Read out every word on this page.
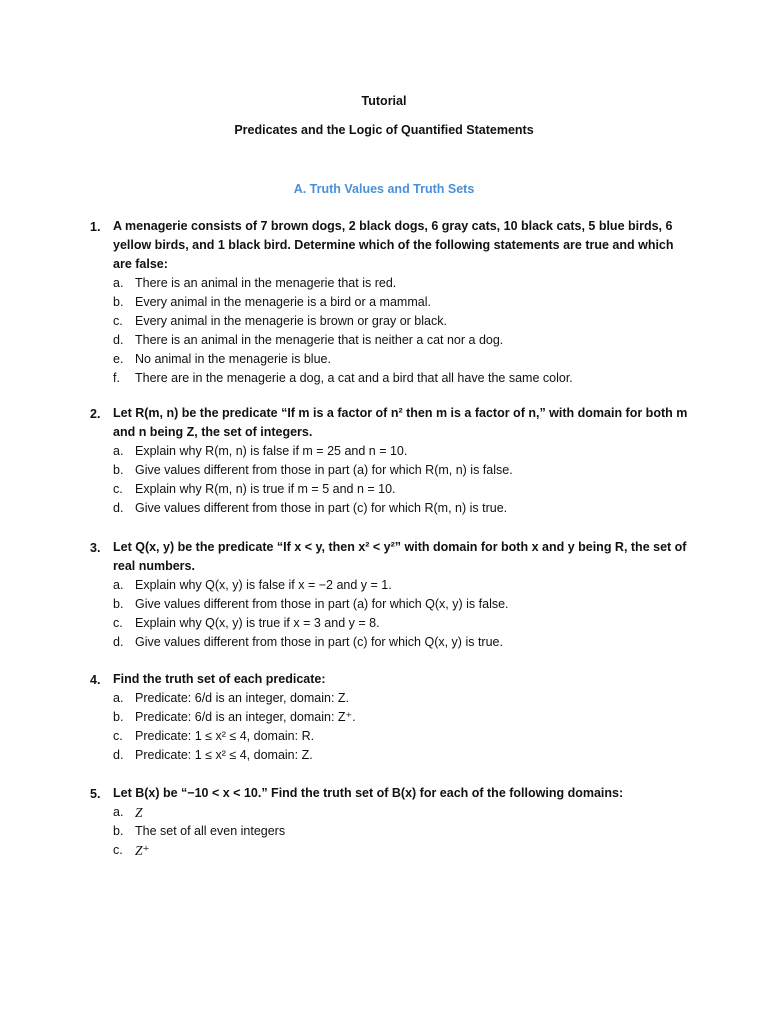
Tutorial
Predicates and the Logic of Quantified Statements
A. Truth Values and Truth Sets
1.	A menagerie consists of 7 brown dogs, 2 black dogs, 6 gray cats, 10 black cats, 5 blue birds, 6 yellow birds, and 1 black bird. Determine which of the following statements are true and which are false:
a. There is an animal in the menagerie that is red.
b. Every animal in the menagerie is a bird or a mammal.
c. Every animal in the menagerie is brown or gray or black.
d. There is an animal in the menagerie that is neither a cat nor a dog.
e. No animal in the menagerie is blue.
f.	There are in the menagerie a dog, a cat and a bird that all have the same color.
2.	Let R(m, n) be the predicate “If m is a factor of n² then m is a factor of n,” with domain for both m and n being Z, the set of integers.
a. Explain why R(m, n) is false if m = 25 and n = 10.
b. Give values different from those in part (a) for which R(m, n) is false.
c. Explain why R(m, n) is true if m = 5 and n = 10.
d. Give values different from those in part (c) for which R(m, n) is true.
3.	Let Q(x, y) be the predicate “If x < y, then x² < y²” with domain for both x and y being R, the set of real numbers.
a. Explain why Q(x, y) is false if x = −2 and y = 1.
b. Give values different from those in part (a) for which Q(x, y) is false.
c. Explain why Q(x, y) is true if x = 3 and y = 8.
d. Give values different from those in part (c) for which Q(x, y) is true.
4.	Find the truth set of each predicate:
a. Predicate: 6/d is an integer, domain: Z.
b. Predicate: 6/d is an integer, domain: Z⁺.
c. Predicate: 1 ≤ x² ≤ 4, domain: R.
d. Predicate: 1 ≤ x² ≤ 4, domain: Z.
5.	Let B(x) be “−10 < x < 10.” Find the truth set of B(x) for each of the following domains:
a. Z
b. The set of all even integers
c. Z⁺
